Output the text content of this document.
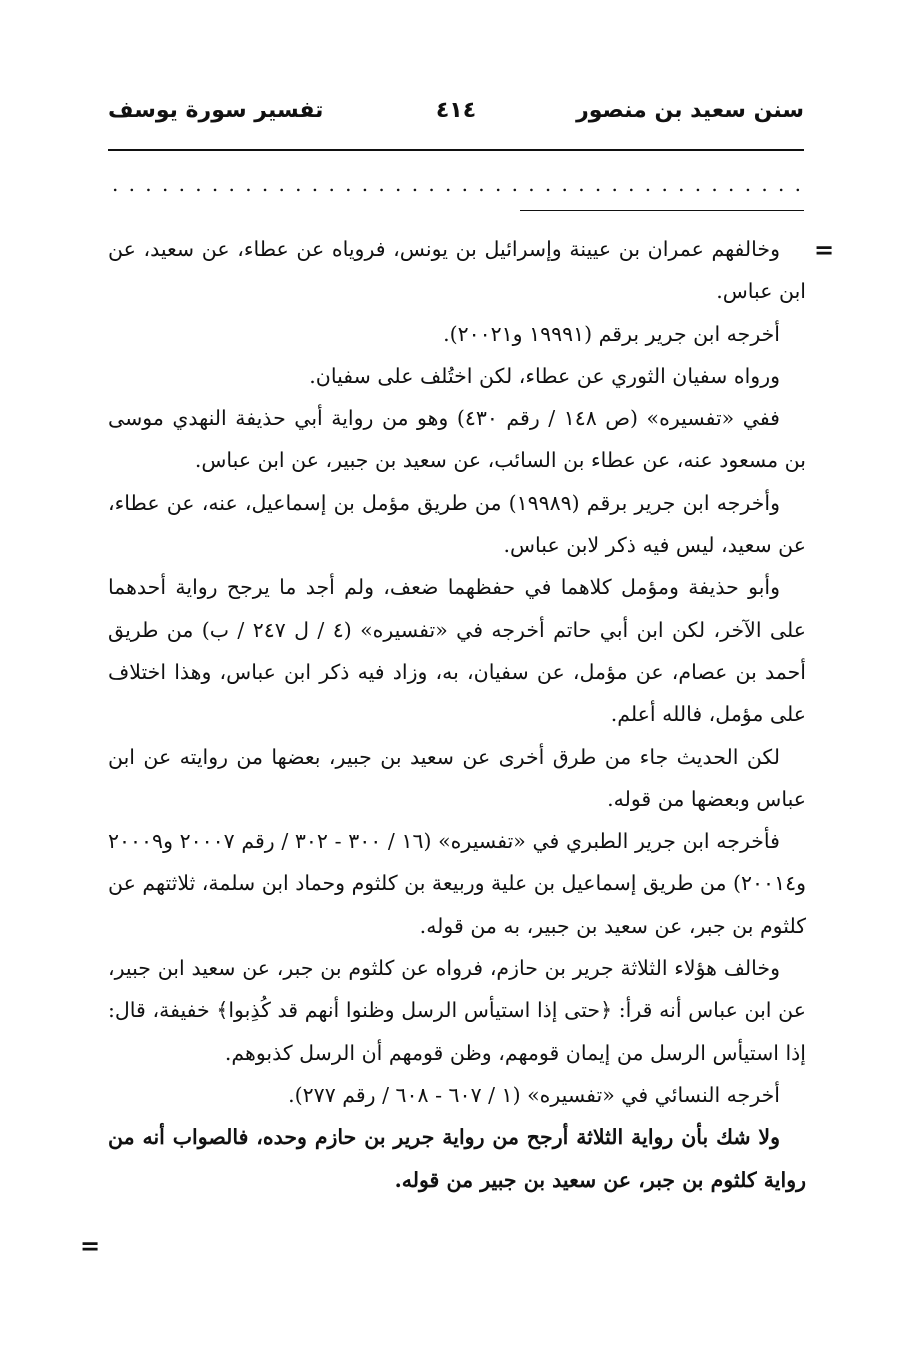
سنن سعيد بن منصور
٤١٤
تفسير سورة يوسف
. . . . . . . . . . . . . . . . . . . . . . . . . . . . . . . . . . . . . . . . . .
=

وخالفهم عمران بن عيينة وإسرائيل بن يونس، فروياه عن عطاء، عن سعيد، عن ابن عباس.

أخرجه ابن جرير برقم (١٩٩٩١ و٢٠٠٢١).

ورواه سفيان الثوري عن عطاء، لكن اختُلف على سفيان.

ففي «تفسيره» (ص ١٤٨ / رقم ٤٣٠) وهو من رواية أبي حذيفة النهدي موسى بن مسعود عنه، عن عطاء بن السائب، عن سعيد بن جبير، عن ابن عباس.

وأخرجه ابن جرير برقم (١٩٩٨٩) من طريق مؤمل بن إسماعيل، عنه، عن عطاء، عن سعيد، ليس فيه ذكر لابن عباس.

وأبو حذيفة ومؤمل كلاهما في حفظهما ضعف، ولم أجد ما يرجح رواية أحدهما على الآخر، لكن ابن أبي حاتم أخرجه في «تفسيره» (٤ / ل ٢٤٧ / ب) من طريق أحمد بن عصام، عن مؤمل، عن سفيان، به، وزاد فيه ذكر ابن عباس، وهذا اختلاف على مؤمل، فالله أعلم.

لكن الحديث جاء من طرق أخرى عن سعيد بن جبير، بعضها من روايته عن ابن عباس وبعضها من قوله.

فأخرجه ابن جرير الطبري في «تفسيره» (١٦ / ٣٠٠ - ٣٠٢ / رقم ٢٠٠٠٧ و٢٠٠٠٩ و٢٠٠١٤) من طريق إسماعيل بن علية وربيعة بن كلثوم وحماد ابن سلمة، ثلاثتهم عن كلثوم بن جبر، عن سعيد بن جبير، به من قوله.

وخالف هؤلاء الثلاثة جرير بن حازم، فرواه عن كلثوم بن جبر، عن سعيد ابن جبير، عن ابن عباس أنه قرأ: ﴿حتى إذا استيأس الرسل وظنوا أنهم قد كُذِبوا﴾ خفيفة، قال: إذا استيأس الرسل من إيمان قومهم، وظن قومهم أن الرسل كذبوهم.

أخرجه النسائي في «تفسيره» (١ / ٦٠٧ - ٦٠٨ / رقم ٢٧٧).

ولا شك بأن رواية الثلاثة أرجح من رواية جرير بن حازم وحده، فالصواب أنه من رواية كلثوم بن جبر، عن سعيد بن جبير من قوله.

=
